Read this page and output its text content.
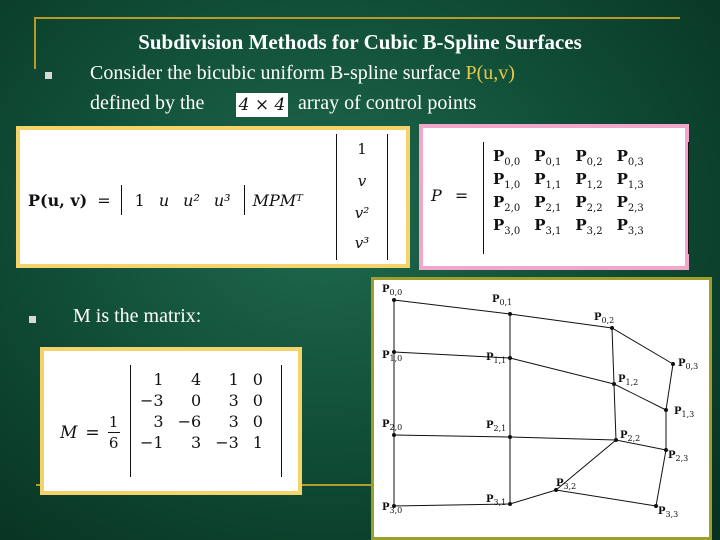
Subdivision Methods for Cubic B-Spline Surfaces
Consider the bicubic uniform B-spline surface P(u,v)
defined by the 4 × 4 array of control points
P(u, v) = 1 u u² u³ MPMᵀ
1
v
v²
v³
P =
$P_{0,0}$	$P_{0,1}$	$P_{0,2}$	$P_{0,3}$
$P_{1,0}$	$P_{1,1}$	$P_{1,2}$	$P_{1,3}$
$P_{2,0}$	$P_{2,1}$	$P_{2,2}$	$P_{2,3}$
$P_{3,0}$	$P_{3,1}$	$P_{3,2}$	$P_{3,3}$
M is the matrix:
M =
1
6
1	4	1	0
−3	0	3	0
3	−6	3	0
−1	3	−3	1
$P_{0,0}$
$P_{0,1}$
$P_{0,2}$
$P_{0,3}$
$P_{1,0}$	$P_{1,1}$
$P_{1,2}$
$P_{1,3}$
$P_{2,0}$	$P_{2,1}$
$P_{2,2}$
$P_{2,3}$
$P_{3,0}$
$P_{3,1}$
$P_{3,2}$
$P_{3,3}$
